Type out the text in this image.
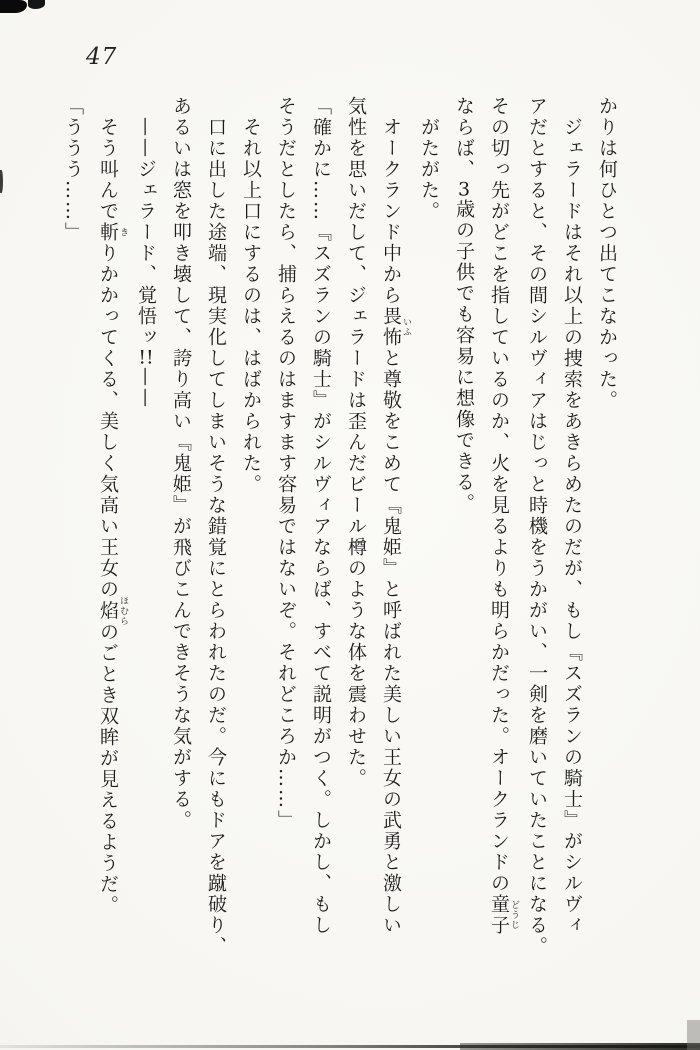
47
かりは何ひとつ出てこなかった。
ジェラードはそれ以上の捜索をあきらめたのだが、もし『スズランの騎士』がシルヴィ
アだとすると、その間シルヴィアはじっと時機をうかがい、一剣を磨いていたことになる。
その切っ先がどこを指しているのか、火を見るよりも明らかだった。オークランドの童子 どうじ
ならば、3歳の子供でも容易に想像できる。
がたがた。
オークランド中から畏怖 いふと尊敬をこめて『鬼姫』と呼ばれた美しい王女の武勇と激しい
気性を思いだして、ジェラードは歪んだビール樽のような体を震わせた。
「確かに……『スズランの騎士』がシルヴィアならば、すべて説明がつく。しかし、もし
そうだとしたら、捕らえるのはますます容易ではないぞ。それどころか……」
それ以上口にするのは、はばかられた。
口に出した途端、現実化してしまいそうな錯覚にとらわれたのだ。今にもドアを蹴破り、
あるいは窓を叩き壊して、誇り高い『鬼姫』が飛びこんできそうな気がする。
——ジェラード、覚悟ッ!!——
そう叫んで斬 きりかかってくる、美しく気高い王女の焰 ほむらのごとき双眸が見えるようだ。
「ううう……」
